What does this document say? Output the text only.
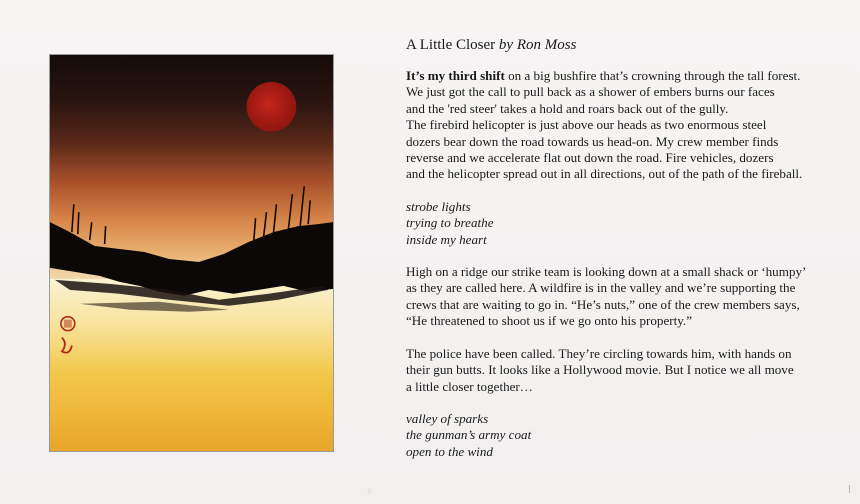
A Little Closer by Ron Moss

It’s my third shift on a big bushfire that’s crowning through the tall forest.
We just got the call to pull back as a shower of embers burns our faces
and the 'red steer' takes a hold and roars back out of the gully.
The firebird helicopter is just above our heads as two enormous steel
dozers bear down the road towards us head-on. My crew member finds
reverse and we accelerate flat out down the road. Fire vehicles, dozers
and the helicopter spread out in all directions, out of the path of the fireball.

strobe lights
trying to breathe
inside my heart

High on a ridge our strike team is looking down at a small shack or ‘humpy’
as they are called here. A wildfire is in the valley and we’re supporting the
crews that are waiting to go in. “He’s nuts,” one of the crew members says,
“He threatened to shoot us if we go onto his property.”

The police have been called. They’re circling towards him, with hands on
their gun butts. It looks like a Hollywood movie. But I notice we all move
a little closer together…

valley of sparks
the gunman’s army coat
open to the wind

⁝⁝
